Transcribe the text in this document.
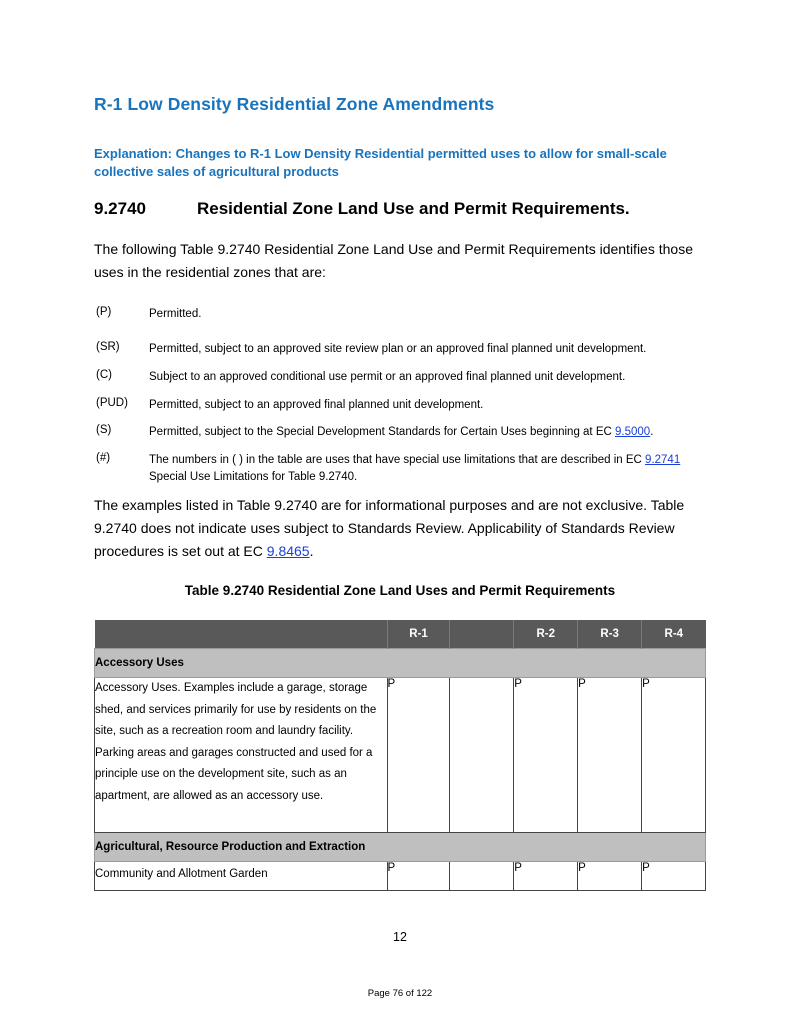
R-1 Low Density Residential Zone Amendments
Explanation: Changes to R-1 Low Density Residential permitted uses to allow for small-scale collective sales of agricultural products
9.2740	Residential Zone Land Use and Permit Requirements.
The following Table 9.2740 Residential Zone Land Use and Permit Requirements identifies those uses in the residential zones that are:
(P)	Permitted.
(SR)	Permitted, subject to an approved site review plan or an approved final planned unit development.
(C)	Subject to an approved conditional use permit or an approved final planned unit development.
(PUD) Permitted, subject to an approved final planned unit development.
(S)	Permitted, subject to the Special Development Standards for Certain Uses beginning at EC 9.5000.
(#)	The numbers in ( ) in the table are uses that have special use limitations that are described in EC 9.2741 Special Use Limitations for Table 9.2740.
The examples listed in Table 9.2740 are for informational purposes and are not exclusive. Table 9.2740 does not indicate uses subject to Standards Review. Applicability of Standards Review procedures is set out at EC 9.8465.
Table 9.2740 Residential Zone Land Uses and Permit Requirements
	R-1		R-2	R-3	R-4
Accessory Uses					
Accessory Uses. Examples include a garage, storage shed, and services primarily for use by residents on the site, such as a recreation room and laundry facility. Parking areas and garages constructed and used for a principle use on the development site, such as an apartment, are allowed as an accessory use.	P		P	P	P
Agricultural, Resource Production and Extraction					
Community and Allotment Garden	P		P	P	P
12
Page 76 of 122
